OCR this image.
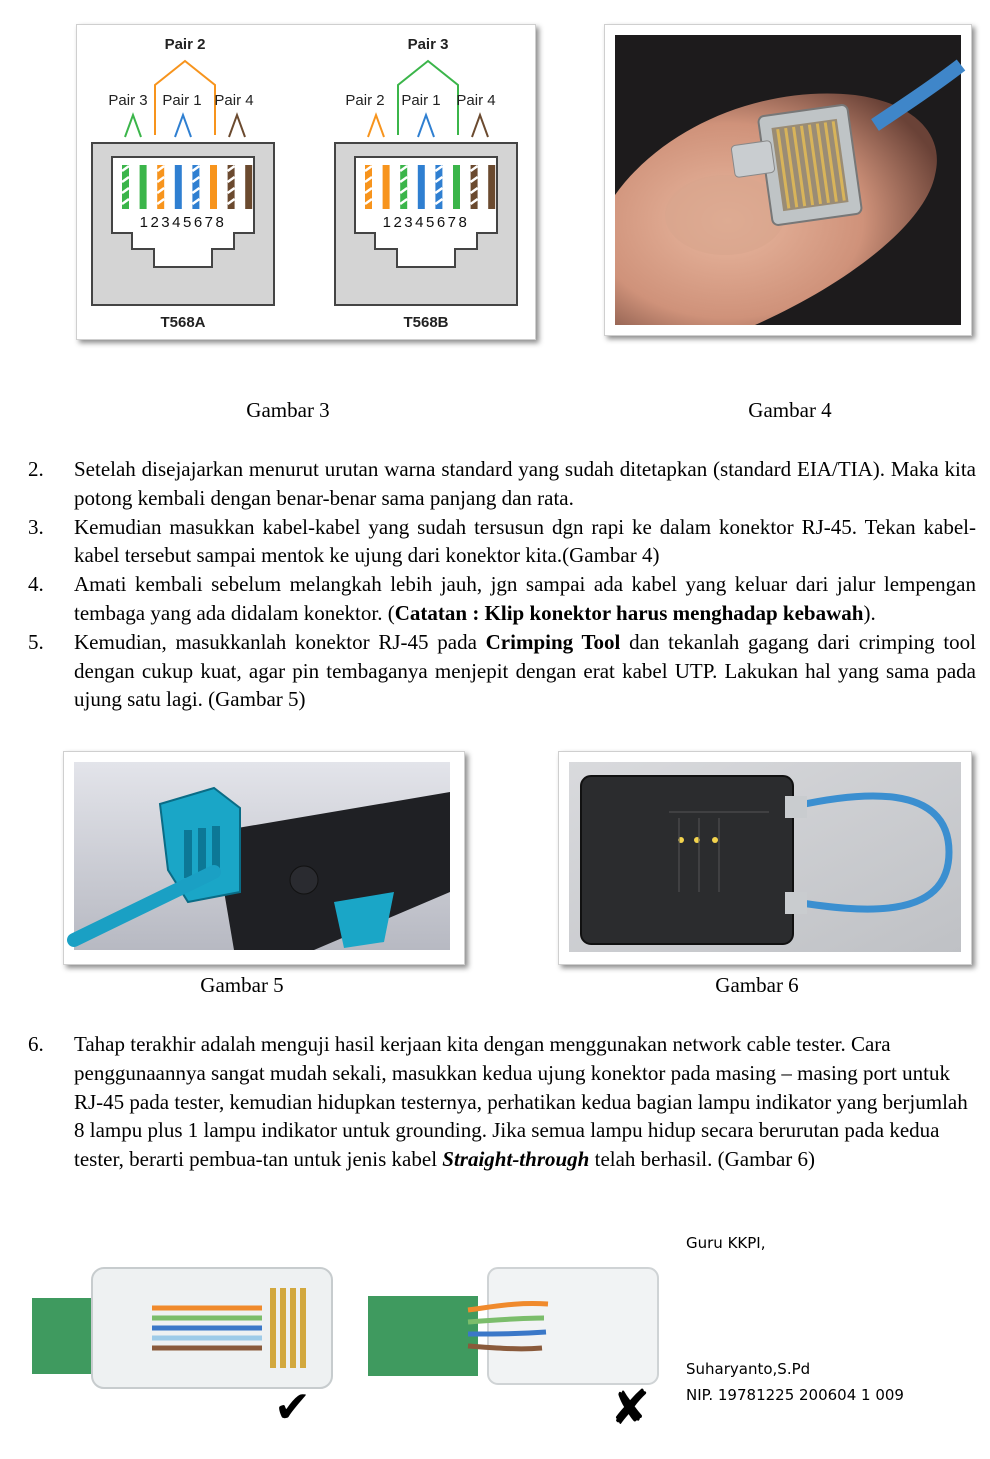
Pair 2
Pair 3 Pair 1 Pair 4
12345678
T568A
Pair 3
Pair 2 Pair 1 Pair 4
12345678
T568B
Gambar 3	Gambar 4
2.	Setelah disejajarkan menurut urutan warna standard yang sudah ditetapkan (standard EIA/TIA). Maka kita potong kembali dengan benar-benar sama panjang dan rata.
3.	Kemudian masukkan kabel-kabel yang sudah tersusun dgn rapi ke dalam konektor RJ-45. Tekan kabel-kabel tersebut sampai mentok ke ujung dari konektor kita.(Gambar 4)
4.	Amati kembali sebelum melangkah lebih jauh, jgn sampai ada kabel yang keluar dari jalur lempengan tembaga yang ada didalam konektor. (Catatan : Klip konektor harus menghadap kebawah).
5.	Kemudian, masukkanlah konektor RJ-45 pada Crimping Tool dan tekanlah gagang dari crimping tool dengan cukup kuat, agar pin tembaganya menjepit dengan erat kabel UTP. Lakukan hal yang sama pada ujung satu lagi. (Gambar 5)
Gambar 5	Gambar 6
6.	Tahap terakhir adalah menguji hasil kerjaan kita dengan menggunakan network cable tester. Cara penggunaannya sangat mudah sekali, masukkan kedua ujung konektor pada masing – masing port untuk RJ-45 pada tester, kemudian hidupkan testernya, perhatikan kedua bagian lampu indikator yang berjumlah 8 lampu plus 1 lampu indikator untuk grounding. Jika semua lampu hidup secara berurutan pada kedua tester, berarti pembua-tan untuk jenis kabel Straight-through telah berhasil. (Gambar 6)
✔	✘
Guru KKPI,
Suharyanto,S.Pd
NIP. 19781225 200604 1 009
